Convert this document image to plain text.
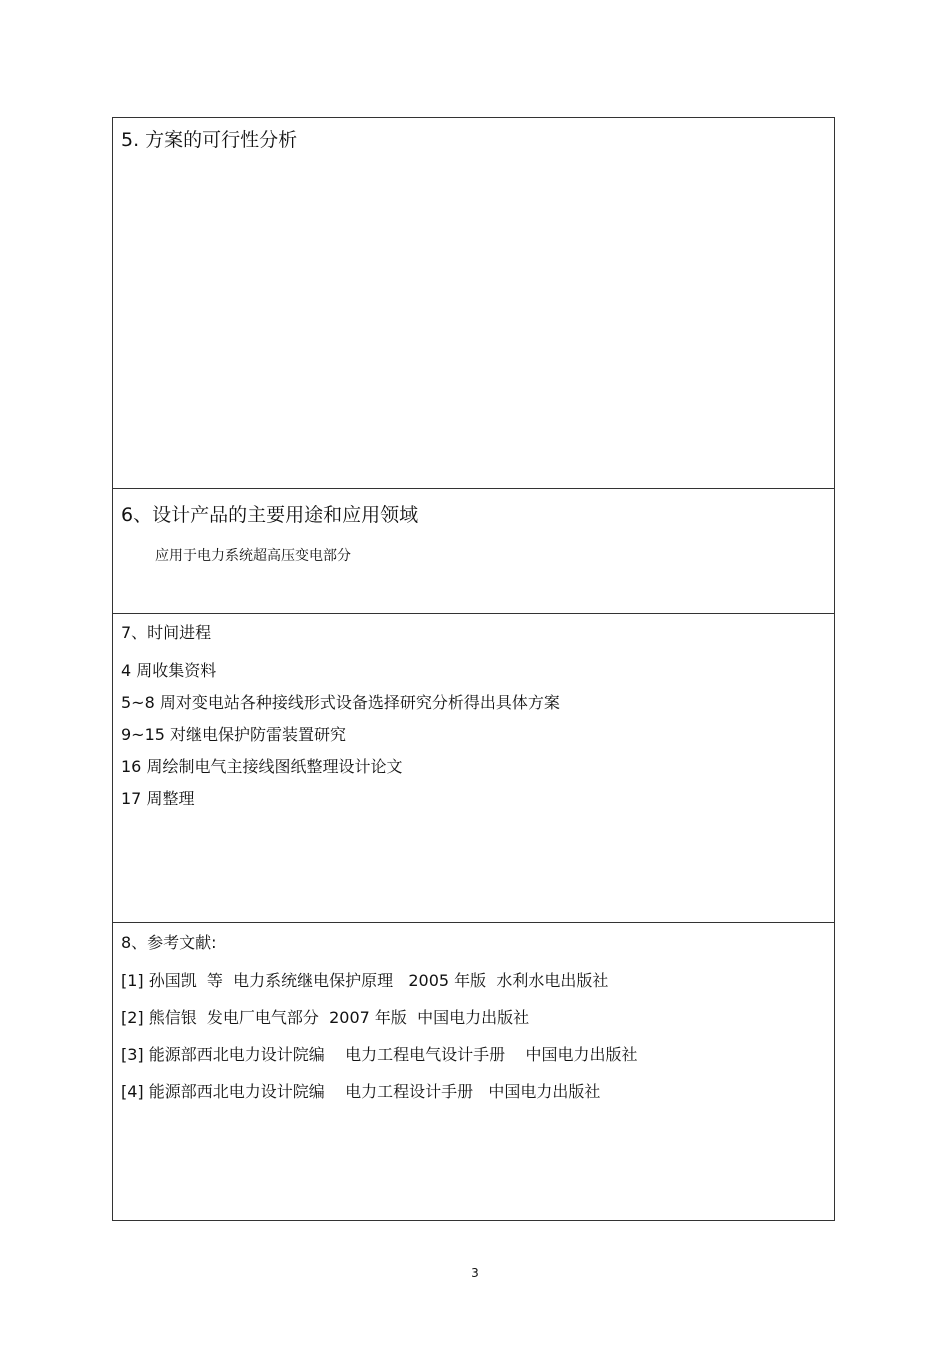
5. 方案的可行性分析
6、设计产品的主要用途和应用领域
应用于电力系统超高压变电部分
7、时间进程
4 周收集资料
5~8 周对变电站各种接线形式设备选择研究分析得出具体方案
9~15 对继电保护防雷装置研究
16 周绘制电气主接线图纸整理设计论文
17 周整理
8、参考文献:
[1] 孙国凯  等  电力系统继电保护原理   2005 年版  水利水电出版社
[2] 熊信银  发电厂电气部分  2007 年版  中国电力出版社
[3] 能源部西北电力设计院编    电力工程电气设计手册    中国电力出版社
[4] 能源部西北电力设计院编    电力工程设计手册   中国电力出版社
3
